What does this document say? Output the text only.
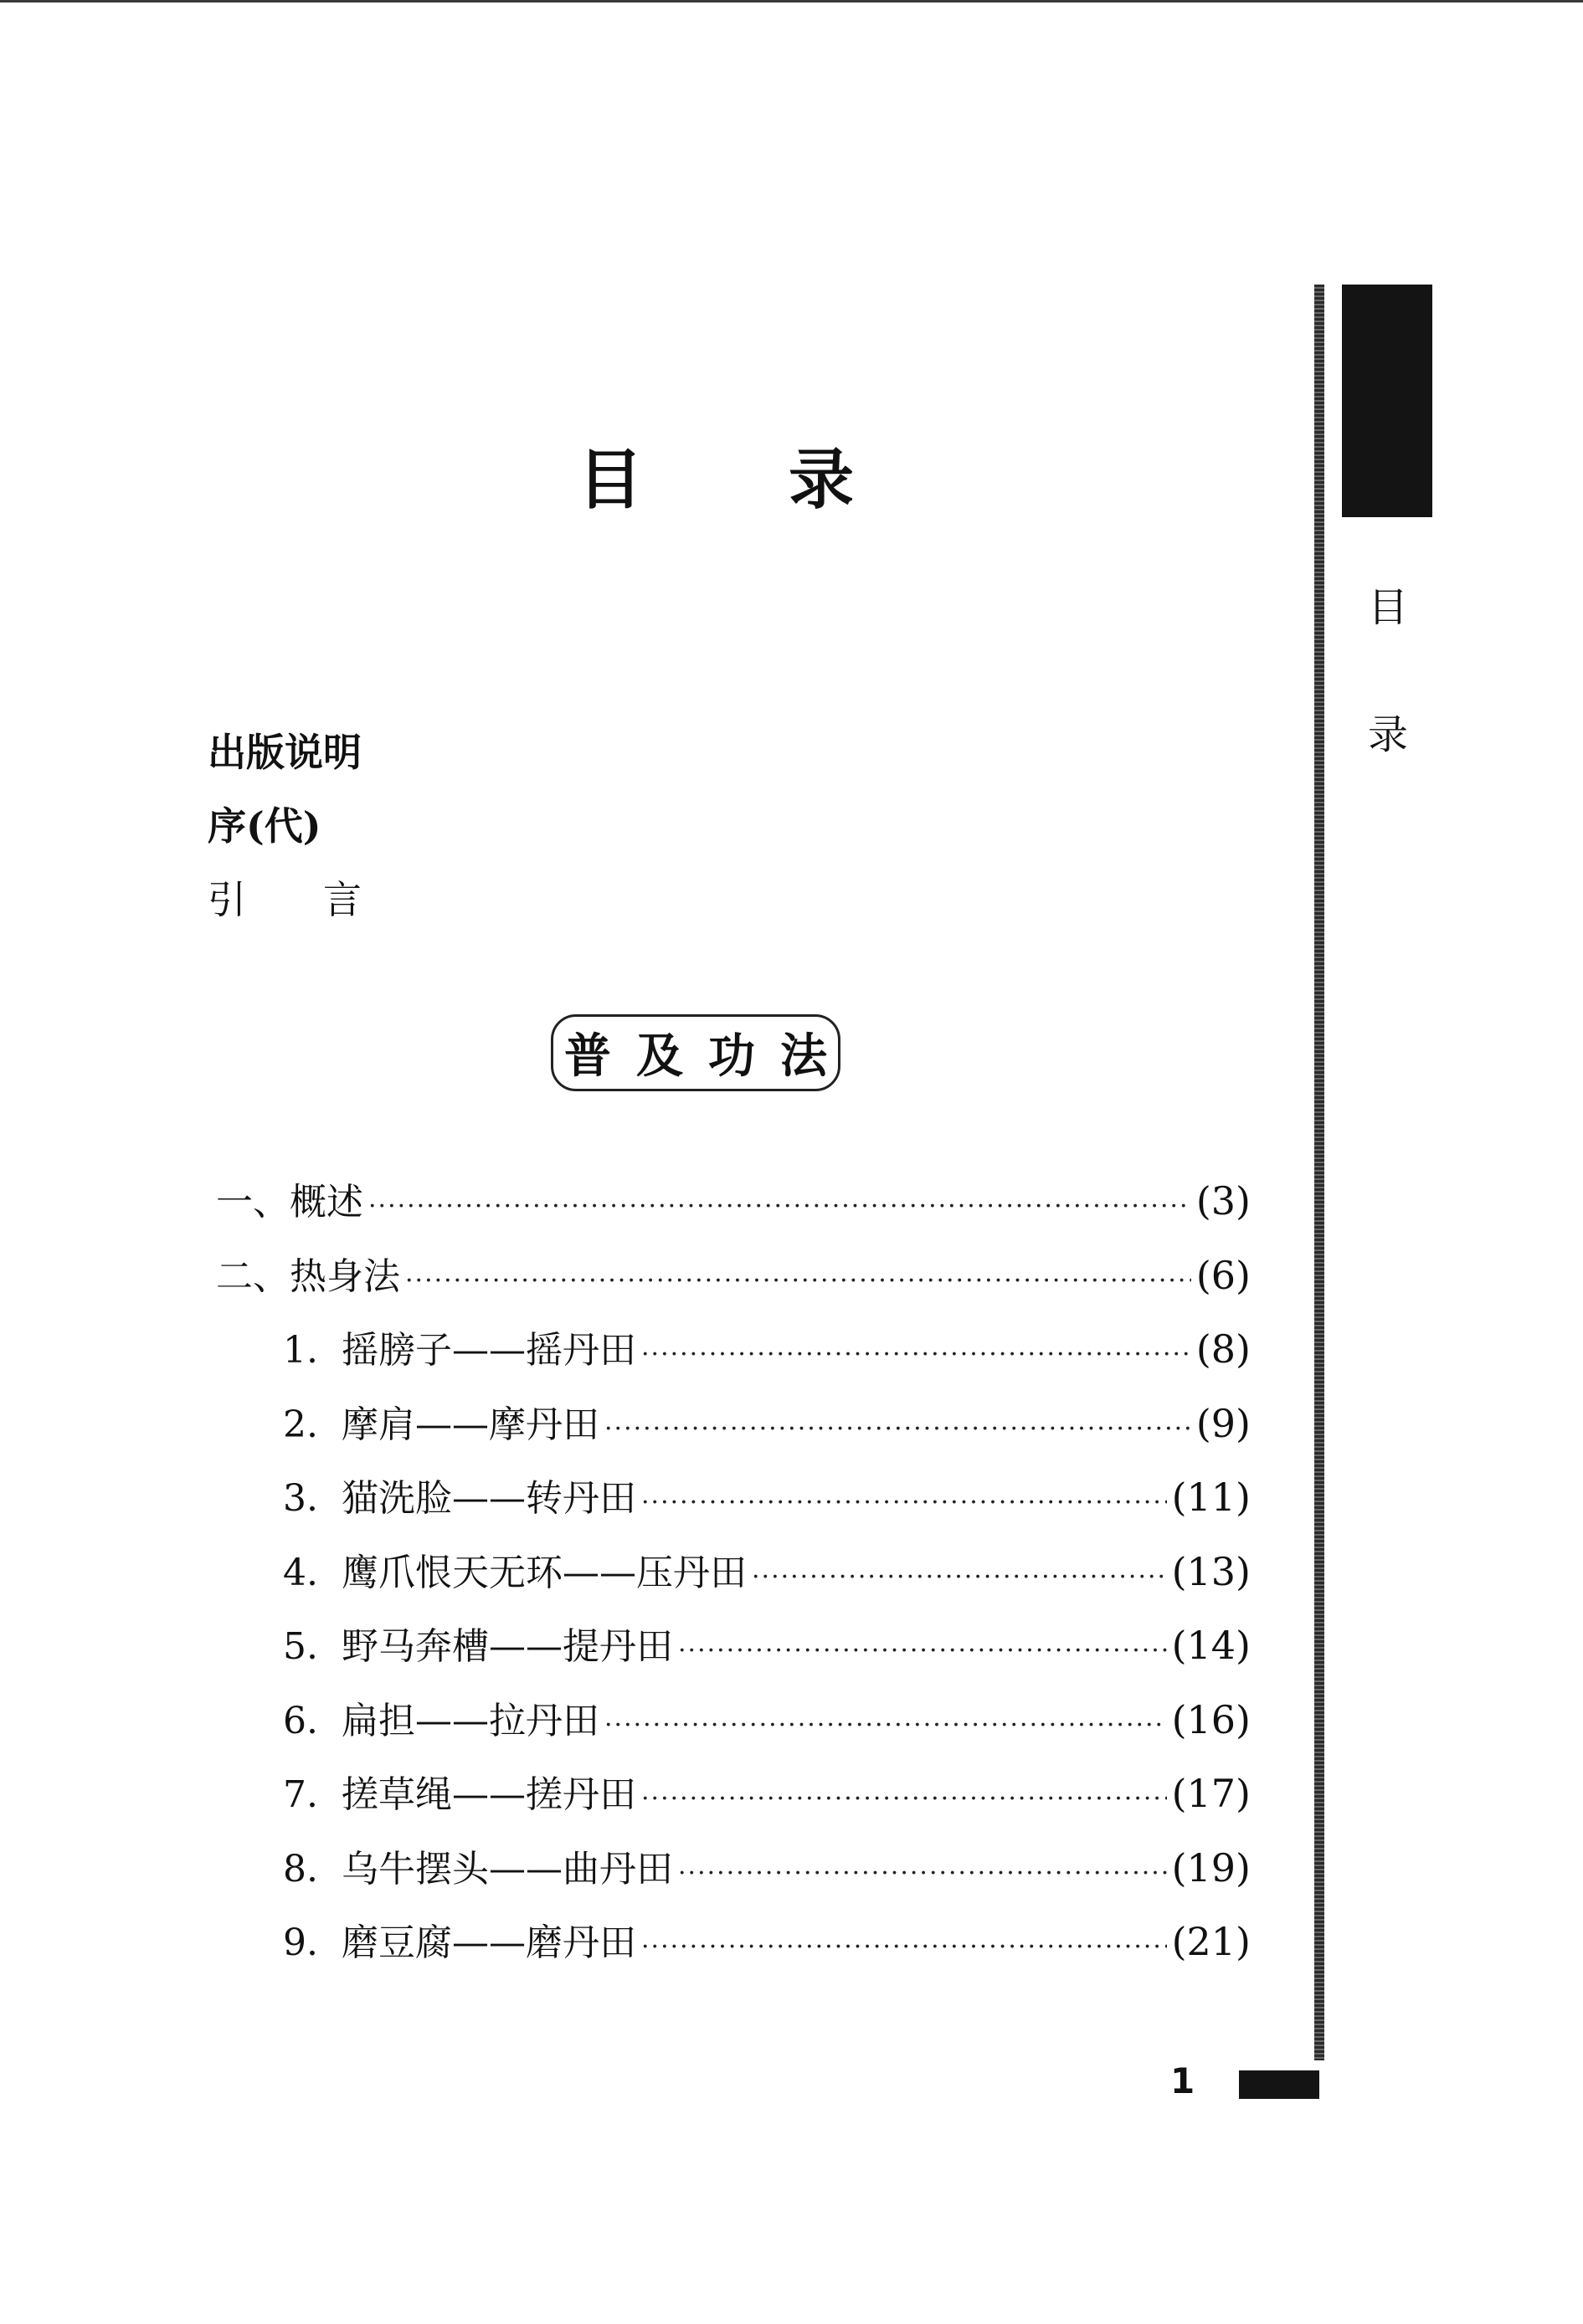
目 录
出版说明
序(代)
引言
普及功法
一、概述 ·····	(3)
二、热身法 ·····	(6)
1. 摇膀子——摇丹田 ·····	(8)
2. 摩肩——摩丹田 ·····	(9)
3. 猫洗脸——转丹田 ·····	(11)
4. 鹰爪恨天无环——压丹田 ·····	(13)
5. 野马奔槽——提丹田 ·····	(14)
6. 扁担——拉丹田 ·····	(16)
7. 搓草绳——搓丹田 ·····	(17)
8. 乌牛摆头——曲丹田 ·····	(19)
9. 磨豆腐——磨丹田 ·····	(21)
目
录
1
